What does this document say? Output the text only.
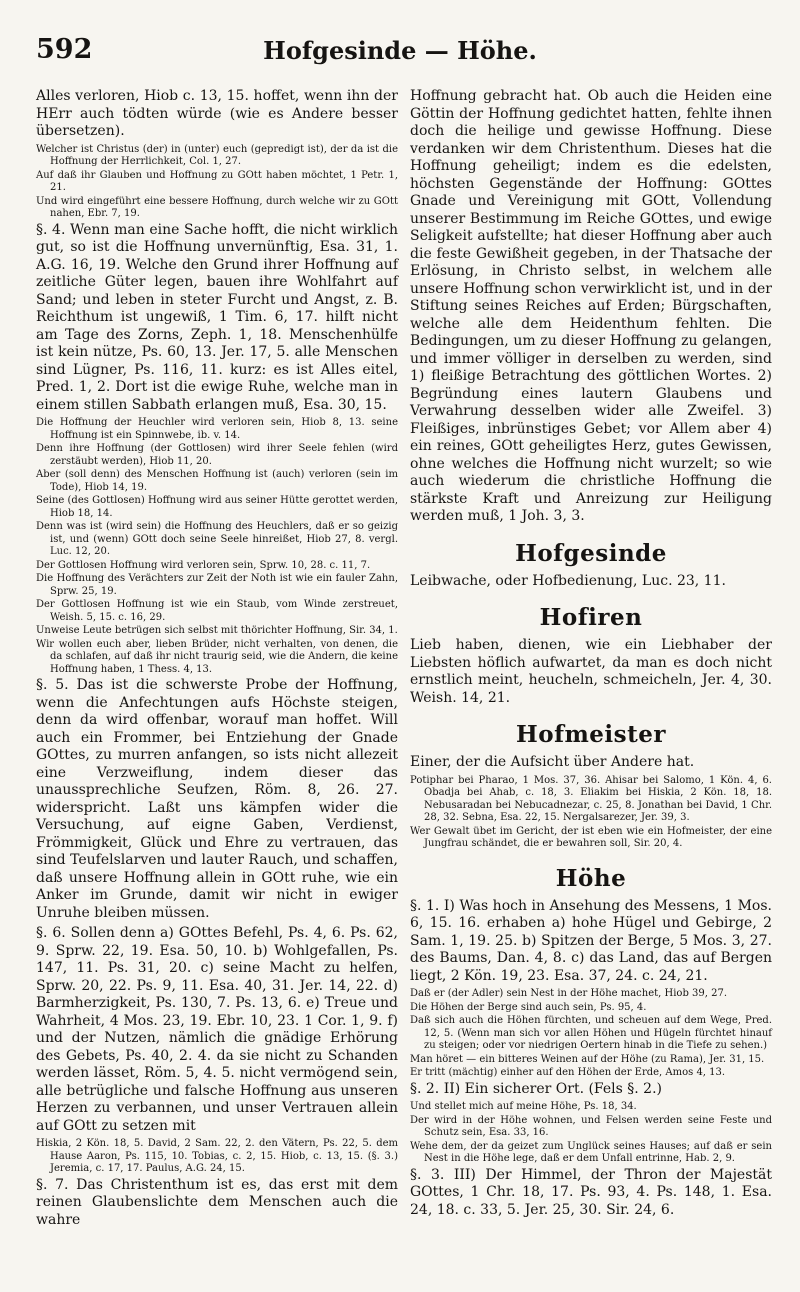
592	Hofgesinde — Höhe.
Alles verloren, Hiob c. 13, 15. hoffet, wenn ihn der HErr auch tödten würde (wie es Andere besser übersetzen).
Welcher ist Christus (der) in (unter) euch (gepredigt ist), der da ist die Hoffnung der Herrlichkeit, Col. 1, 27.
Auf daß ihr Glauben und Hoffnung zu GOtt haben möchtet, 1 Petr. 1, 21.
Und wird eingeführt eine bessere Hoffnung, durch welche wir zu GOtt nahen, Ebr. 7, 19.
§. 4. Wenn man eine Sache hofft, die nicht wirklich gut, so ist die Hoffnung unvernünftig, Esa. 31, 1. A.G. 16, 19. Welche den Grund ihrer Hoffnung auf zeitliche Güter legen, bauen ihre Wohlfahrt auf Sand; und leben in steter Furcht und Angst, z. B. Reichthum ist ungewiß, 1 Tim. 6, 17. hilft nicht am Tage des Zorns, Zeph. 1, 18. Menschenhülfe ist kein nütze, Ps. 60, 13. Jer. 17, 5. alle Menschen sind Lügner, Ps. 116, 11. kurz: es ist Alles eitel, Pred. 1, 2. Dort ist die ewige Ruhe, welche man in einem stillen Sabbath erlangen muß, Esa. 30, 15.
Die Hoffnung der Heuchler wird verloren sein, Hiob 8, 13. seine Hoffnung ist ein Spinnwebe, ib. v. 14.
Denn ihre Hoffnung (der Gottlosen) wird ihrer Seele fehlen (wird zerstäubt werden), Hiob 11, 20.
Aber (soll denn) des Menschen Hoffnung ist (auch) verloren (sein im Tode), Hiob 14, 19.
Seine (des Gottlosen) Hoffnung wird aus seiner Hütte gerottet werden, Hiob 18, 14.
Denn was ist (wird sein) die Hoffnung des Heuchlers, daß er so geizig ist, und (wenn) GOtt doch seine Seele hinreißet, Hiob 27, 8. vergl. Luc. 12, 20.
Der Gottlosen Hoffnung wird verloren sein, Sprw. 10, 28. c. 11, 7.
Die Hoffnung des Verächters zur Zeit der Noth ist wie ein fauler Zahn, Sprw. 25, 19.
Der Gottlosen Hoffnung ist wie ein Staub, vom Winde zerstreuet, Weish. 5, 15. c. 16, 29.
Unweise Leute betrügen sich selbst mit thörichter Hoffnung, Sir. 34, 1.
Wir wollen euch aber, lieben Brüder, nicht verhalten, von denen, die da schlafen, auf daß ihr nicht traurig seid, wie die Andern, die keine Hoffnung haben, 1 Thess. 4, 13.
§. 5. Das ist die schwerste Probe der Hoffnung, wenn die Anfechtungen aufs Höchste steigen, denn da wird offenbar, worauf man hoffet. Will auch ein Frommer, bei Entziehung der Gnade GOttes, zu murren anfangen, so ists nicht allezeit eine Verzweiflung, indem dieser das unaussprechliche Seufzen, Röm. 8, 26. 27. widerspricht. Laßt uns kämpfen wider die Versuchung, auf eigne Gaben, Verdienst, Frömmigkeit, Glück und Ehre zu vertrauen, das sind Teufelslarven und lauter Rauch, und schaffen, daß unsere Hoffnung allein in GOtt ruhe, wie ein Anker im Grunde, damit wir nicht in ewiger Unruhe bleiben müssen.
§. 6. Sollen denn a) GOttes Befehl, Ps. 4, 6. Ps. 62, 9. Sprw. 22, 19. Esa. 50, 10. b) Wohlgefallen, Ps. 147, 11. Ps. 31, 20. c) seine Macht zu helfen, Sprw. 20, 22. Ps. 9, 11. Esa. 40, 31. Jer. 14, 22. d) Barmherzigkeit, Ps. 130, 7. Ps. 13, 6. e) Treue und Wahrheit, 4 Mos. 23, 19. Ebr. 10, 23. 1 Cor. 1, 9. f) und der Nutzen, nämlich die gnädige Erhörung des Gebets, Ps. 40, 2. 4. da sie nicht zu Schanden werden lässet, Röm. 5, 4. 5. nicht vermögend sein, alle betrügliche und falsche Hoffnung aus unseren Herzen zu verbannen, und unser Vertrauen allein auf GOtt zu setzen mit
Hiskia, 2 Kön. 18, 5. David, 2 Sam. 22, 2. den Vätern, Ps. 22, 5. dem Hause Aaron, Ps. 115, 10. Tobias, c. 2, 15. Hiob, c. 13, 15. (§. 3.) Jeremia, c. 17, 17. Paulus, A.G. 24, 15.
§. 7. Das Christenthum ist es, das erst mit dem reinen Glaubenslichte dem Menschen auch die wahre
Hoffnung gebracht hat. Ob auch die Heiden eine Göttin der Hoffnung gedichtet hatten, fehlte ihnen doch die heilige und gewisse Hoffnung. Diese verdanken wir dem Christenthum. Dieses hat die Hoffnung geheiligt; indem es die edelsten, höchsten Gegenstände der Hoffnung: GOttes Gnade und Vereinigung mit GOtt, Vollendung unserer Bestimmung im Reiche GOttes, und ewige Seligkeit aufstellte; hat dieser Hoffnung aber auch die feste Gewißheit gegeben, in der Thatsache der Erlösung, in Christo selbst, in welchem alle unsere Hoffnung schon verwirklicht ist, und in der Stiftung seines Reiches auf Erden; Bürgschaften, welche alle dem Heidenthum fehlten. Die Bedingungen, um zu dieser Hoffnung zu gelangen, und immer völliger in derselben zu werden, sind 1) fleißige Betrachtung des göttlichen Wortes. 2) Begründung eines lautern Glaubens und Verwahrung desselben wider alle Zweifel. 3) Fleißiges, inbrünstiges Gebet; vor Allem aber 4) ein reines, GOtt geheiligtes Herz, gutes Gewissen, ohne welches die Hoffnung nicht wurzelt; so wie auch wiederum die christliche Hoffnung die stärkste Kraft und Anreizung zur Heiligung werden muß, 1 Joh. 3, 3.
Hofgesinde
Leibwache, oder Hofbedienung, Luc. 23, 11.
Hofiren
Lieb haben, dienen, wie ein Liebhaber der Liebsten höflich aufwartet, da man es doch nicht ernstlich meint, heucheln, schmeicheln, Jer. 4, 30. Weish. 14, 21.
Hofmeister
Einer, der die Aufsicht über Andere hat.
Potiphar bei Pharao, 1 Mos. 37, 36. Ahisar bei Salomo, 1 Kön. 4, 6. Obadja bei Ahab, c. 18, 3. Eliakim bei Hiskia, 2 Kön. 18, 18. Nebusaradan bei Nebucadnezar, c. 25, 8. Jonathan bei David, 1 Chr. 28, 32. Sebna, Esa. 22, 15. Nergalsarezer, Jer. 39, 3.
Wer Gewalt übet im Gericht, der ist eben wie ein Hofmeister, der eine Jungfrau schändet, die er bewahren soll, Sir. 20, 4.
Höhe
§. 1. I) Was hoch in Ansehung des Messens, 1 Mos. 6, 15. 16. erhaben a) hohe Hügel und Gebirge, 2 Sam. 1, 19. 25. b) Spitzen der Berge, 5 Mos. 3, 27. des Baums, Dan. 4, 8. c) das Land, das auf Bergen liegt, 2 Kön. 19, 23. Esa. 37, 24. c. 24, 21.
Daß er (der Adler) sein Nest in der Höhe machet, Hiob 39, 27.
Die Höhen der Berge sind auch sein, Ps. 95, 4.
Daß sich auch die Höhen fürchten, und scheuen auf dem Wege, Pred. 12, 5. (Wenn man sich vor allen Höhen und Hügeln fürchtet hinauf zu steigen; oder vor niedrigen Oertern hinab in die Tiefe zu sehen.)
Man höret — ein bitteres Weinen auf der Höhe (zu Rama), Jer. 31, 15.
Er tritt (mächtig) einher auf den Höhen der Erde, Amos 4, 13.
§. 2. II) Ein sicherer Ort. (Fels §. 2.)
Und stellet mich auf meine Höhe, Ps. 18, 34.
Der wird in der Höhe wohnen, und Felsen werden seine Feste und Schutz sein, Esa. 33, 16.
Wehe dem, der da geizet zum Unglück seines Hauses; auf daß er sein Nest in die Höhe lege, daß er dem Unfall entrinne, Hab. 2, 9.
§. 3. III) Der Himmel, der Thron der Majestät GOttes, 1 Chr. 18, 17. Ps. 93, 4. Ps. 148, 1. Esa. 24, 18. c. 33, 5. Jer. 25, 30. Sir. 24, 6.
